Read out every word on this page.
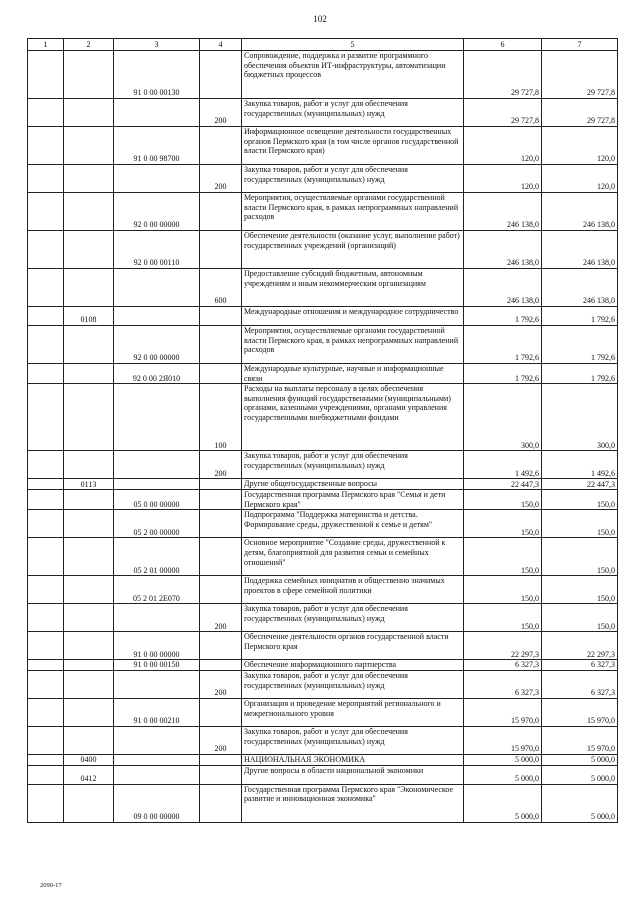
102
1	2	3	4	5	6	7
		91 0 00 00130		Сопровождение, поддержка и развитие программного обеспечения объектов ИТ-инфраструктуры, автоматизации бюджетных процессов	29 727,8	29 727,8
			200	Закупка товаров, работ и услуг для обеспечения государственных (муниципальных) нужд	29 727,8	29 727,8
		91 0 00 98700		Информационное освещение деятельности государственных органов Пермского края (в том числе органов государственной власти Пермского края)	120,0	120,0
			200	Закупка товаров, работ и услуг для обеспечения государственных (муниципальных) нужд	120,0	120,0
		92 0 00 00000		Мероприятия, осуществляемые органами государственной власти Пермского края, в рамках непрограммных направлений расходов	246 138,0	246 138,0
		92 0 00 00110		Обеспечение деятельности (оказание услуг, выполнение работ) государственных учреждений (организаций)	246 138,0	246 138,0
			600	Предоставление субсидий бюджетным, автономным учреждениям и иным некоммерческим организациям	246 138,0	246 138,0
	0108			Международные отношения и международное сотрудничество	1 792,6	1 792,6
		92 0 00 00000		Мероприятия, осуществляемые органами государственной власти Пермского края, в рамках непрограммных направлений расходов	1 792,6	1 792,6
		92 0 00 2Я010		Международные культурные, научные и информационные связи	1 792,6	1 792,6
			100	Расходы на выплаты персоналу в целях обеспечения выполнения функций государственными (муниципальными) органами, казенными учреждениями, органами управления государственными внебюджетными фондами	300,0	300,0
			200	Закупка товаров, работ и услуг для обеспечения государственных (муниципальных) нужд	1 492,6	1 492,6
	0113			Другие общегосударственные вопросы	22 447,3	22 447,3
		05 0 00 00000		Государственная программа Пермского края "Семья и дети Пермского края"	150,0	150,0
		05 2 00 00000		Подпрограмма "Поддержка материнства и детства. Формирование среды, дружественной к семье и детям"	150,0	150,0
		05 2 01 00000		Основное мероприятие "Создание среды, дружественной к детям, благоприятной для развития семьи и семейных отношений"	150,0	150,0
		05 2 01 2Е070		Поддержка семейных инициатив и общественно значимых проектов в сфере семейной политики	150,0	150,0
			200	Закупка товаров, работ и услуг для обеспечения государственных (муниципальных) нужд	150,0	150,0
		91 0 00 00000		Обеспечение деятельности органов государственной власти Пермского края	22 297,3	22 297,3
		91 0 00 00150		Обеспечение информационного партнерства	6 327,3	6 327,3
			200	Закупка товаров, работ и услуг для обеспечения государственных (муниципальных) нужд	6 327,3	6 327,3
		91 0 00 00210		Организация и проведение мероприятий регионального и межрегионального уровня	15 970,0	15 970,0
			200	Закупка товаров, работ и услуг для обеспечения государственных (муниципальных) нужд	15 970,0	15 970,0
	0400			НАЦИОНАЛЬНАЯ ЭКОНОМИКА	5 000,0	5 000,0
	0412			Другие вопросы в области национальной экономики	5 000,0	5 000,0
		09 0 00 00000		Государственная программа Пермского края "Экономическое развитие и инновационная экономика"	5 000,0	5 000,0
2090-17
